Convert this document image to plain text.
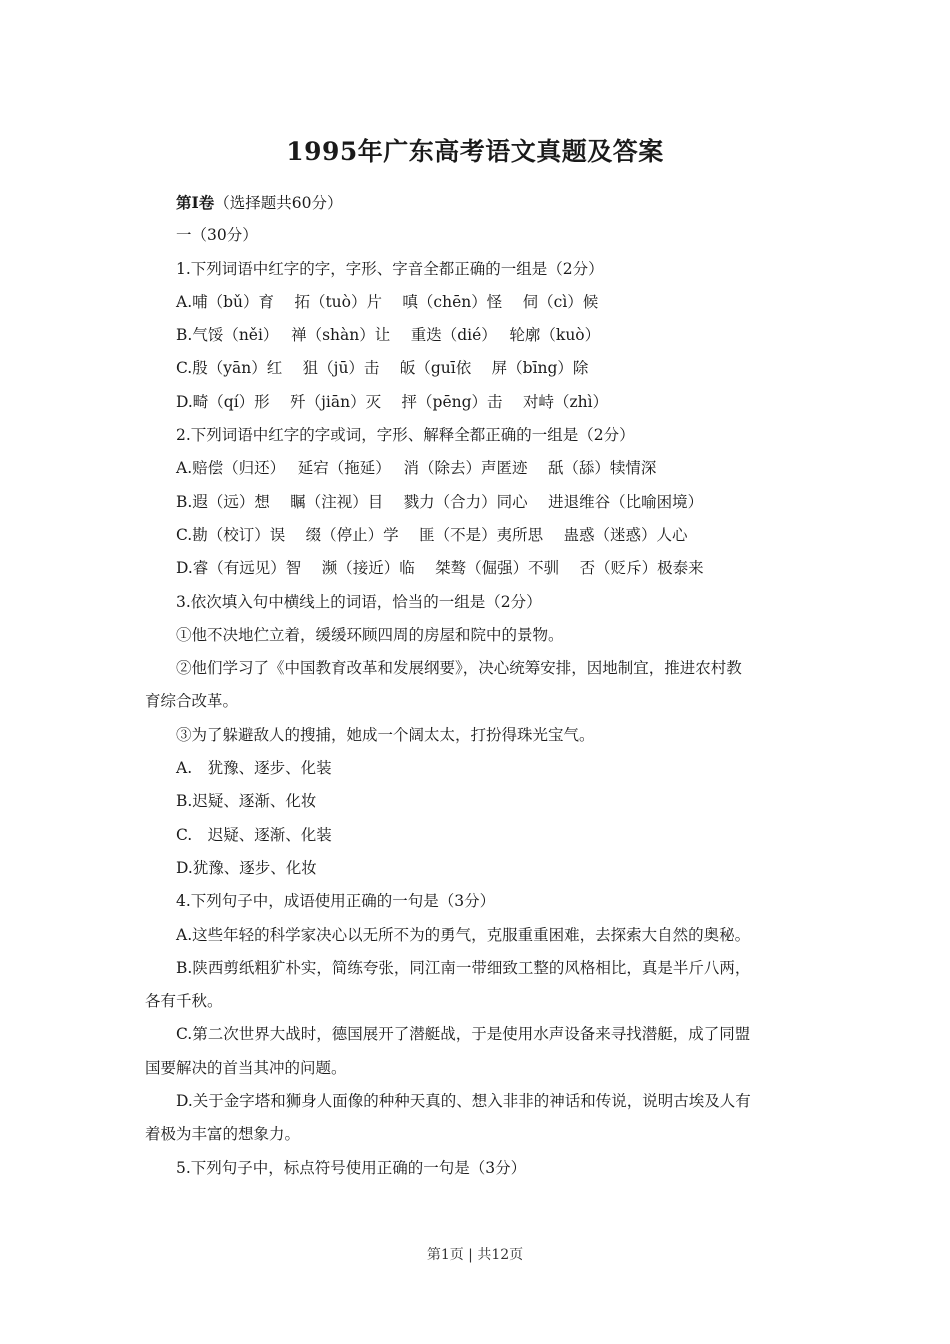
1995年广东高考语文真题及答案
第Ⅰ卷（选择题共60分）
一（30分）
1.下列词语中红字的字，字形、字音全都正确的一组是（2分）
A.哺（bǔ）育　 拓（tuò）片　 嗔（chēn）怪　 伺（cì）候
B.气馁（něi）　 禅（shàn）让　 重迭（dié）　 轮廓（kuò）
C.殷（yān）红　 狙（jū）击　 皈（guī依　 屏（bīng）除
D.畸（qí）形　 歼（jiān）灭　 抨（pēng）击　 对峙（zhì）
2.下列词语中红字的字或词，字形、解释全都正确的一组是（2分）
A.赔偿（归还）　 延宕（拖延）　 消（除去）声匿迹　 舐（舔）犊情深
B.遐（远）想　 瞩（注视）目　 戮力（合力）同心　 进退维谷（比喻困境）
C.勘（校订）误　 缀（停止）学　 匪（不是）夷所思　 蛊惑（迷惑）人心
D.睿（有远见）智　 濒（接近）临　 桀骜（倔强）不驯　 否（贬斥）极泰来
3.依次填入句中横线上的词语，恰当的一组是（2分）
①他不决地伫立着，缓缓环顾四周的房屋和院中的景物。
②他们学习了《中国教育改革和发展纲要》，决心统筹安排，因地制宜，推进农村教
育综合改革。
③为了躲避敌人的搜捕，她成一个阔太太，打扮得珠光宝气。
A.　犹豫、逐步、化装
B.迟疑、逐渐、化妆
C.　迟疑、逐渐、化装
D.犹豫、逐步、化妆
4.下列句子中，成语使用正确的一句是（3分）
A.这些年轻的科学家决心以无所不为的勇气，克服重重困难，去探索大自然的奥秘。
B.陕西剪纸粗犷朴实，简练夸张，同江南一带细致工整的风格相比，真是半斤八两，
各有千秋。
C.第二次世界大战时，德国展开了潜艇战，于是使用水声设备来寻找潜艇，成了同盟
国要解决的首当其冲的问题。
D.关于金字塔和狮身人面像的种种天真的、想入非非的神话和传说，说明古埃及人有
着极为丰富的想象力。
5.下列句子中，标点符号使用正确的一句是（3分）
第1页 | 共12页
